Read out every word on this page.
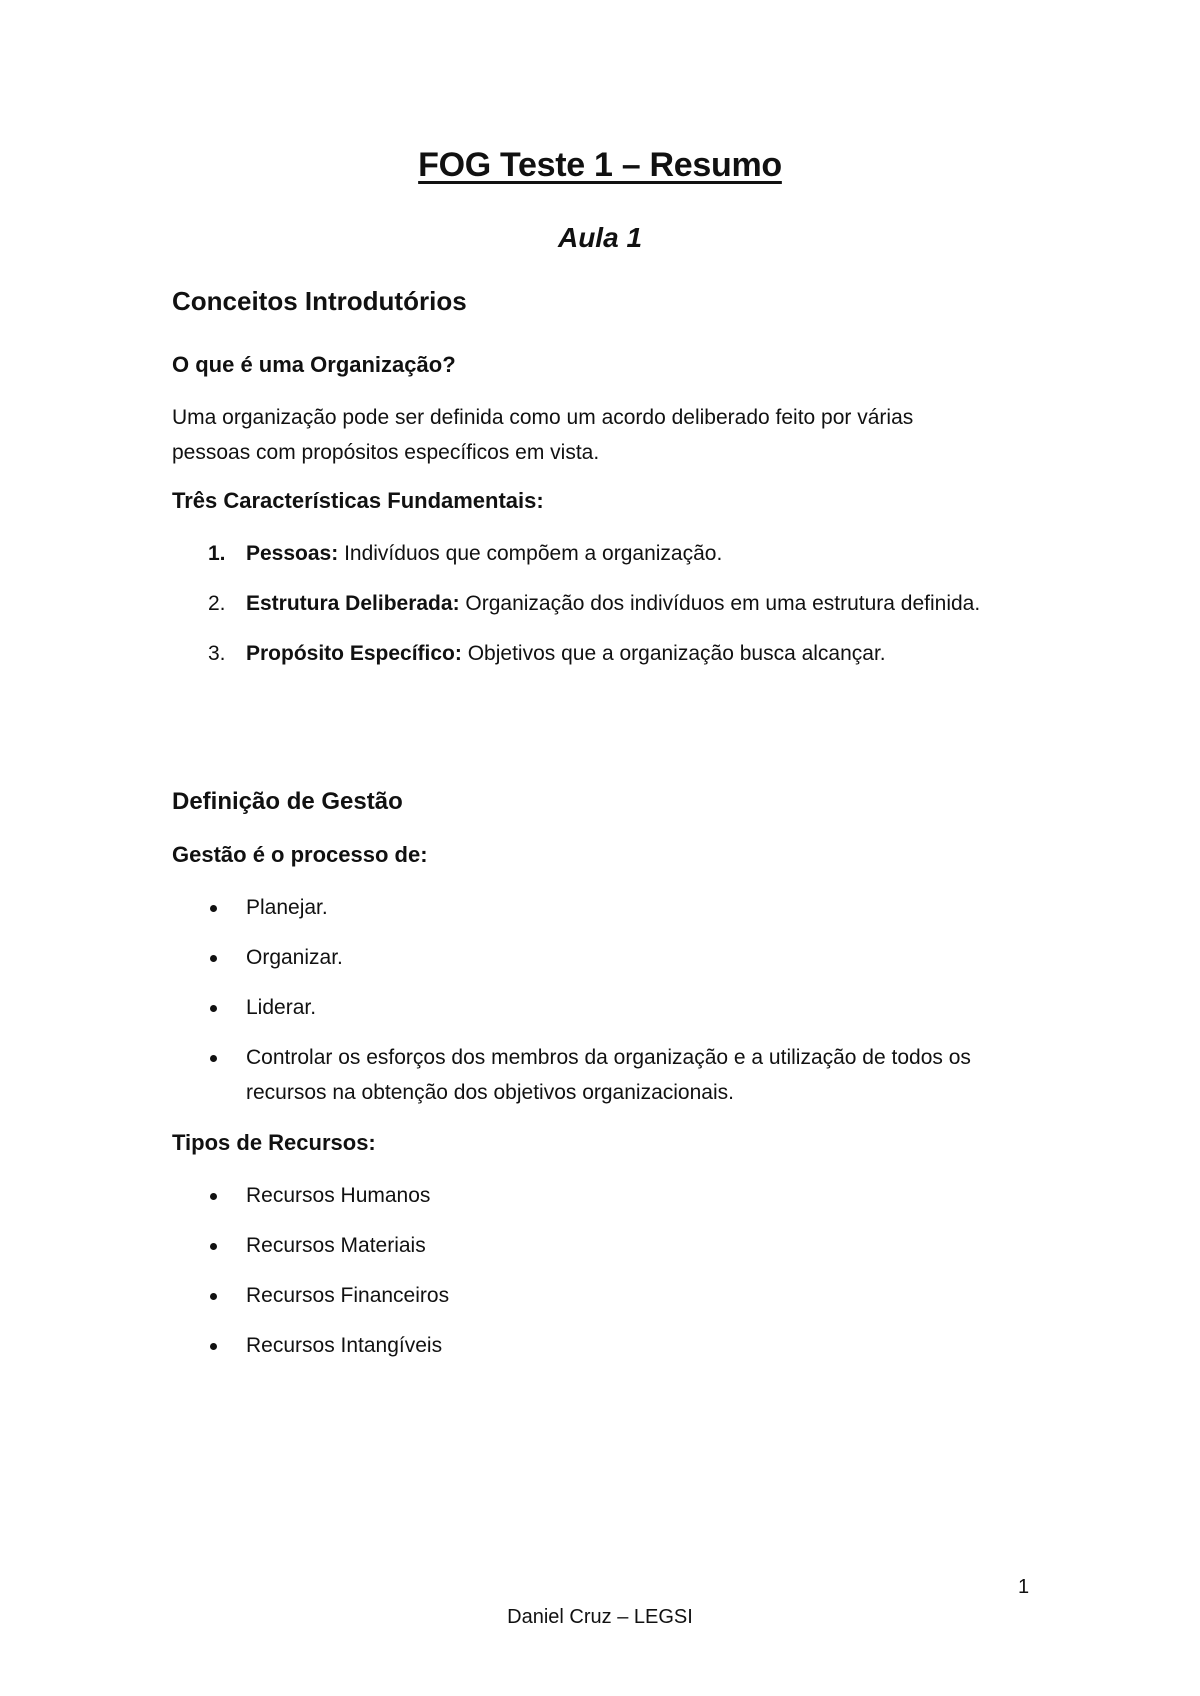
FOG Teste 1 – Resumo
Aula 1
Conceitos Introdutórios
O que é uma Organização?

Uma organização pode ser definida como um acordo deliberado feito por várias
pessoas com propósitos específicos em vista.

Três Características Fundamentais:
1. Pessoas: Indivíduos que compõem a organização.
2. Estrutura Deliberada: Organização dos indivíduos em uma estrutura definida.
3. Propósito Específico: Objetivos que a organização busca alcançar.
Definição de Gestão
Gestão é o processo de:
Planejar.
Organizar.
Liderar.
Controlar os esforços dos membros da organização e a utilização de todos os recursos na obtenção dos objetivos organizacionais.
Tipos de Recursos:
Recursos Humanos
Recursos Materiais
Recursos Financeiros
Recursos Intangíveis

1

Daniel Cruz – LEGSI
